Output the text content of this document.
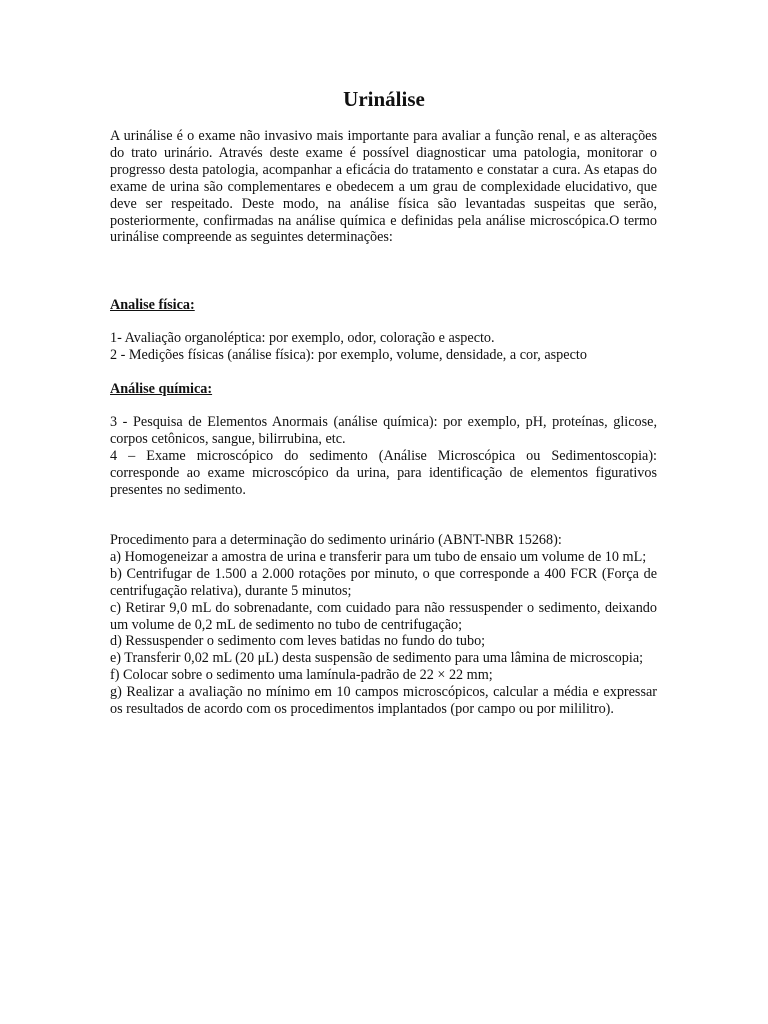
Urinálise

A urinálise é o exame não invasivo mais importante para avaliar a função renal, e as alterações do trato urinário. Através deste exame é possível diagnosticar uma patologia, monitorar o progresso desta patologia, acompanhar a eficácia do tratamento e constatar a cura. As etapas do exame de urina são complementares e obedecem a um grau de complexidade elucidativo, que deve ser respeitado. Deste modo, na análise física são levantadas suspeitas que serão, posteriormente, confirmadas na análise química e definidas pela análise microscópica.O termo urinálise compreende as seguintes determinações:

Analise física:

1- Avaliação organoléptica: por exemplo, odor, coloração e aspecto.

2 - Medições físicas (análise física): por exemplo, volume, densidade, a cor, aspecto

Análise química:

3 - Pesquisa de Elementos Anormais (análise química): por exemplo, pH, proteínas, glicose, corpos cetônicos, sangue, bilirrubina, etc.

4 – Exame microscópico do sedimento (Análise Microscópica ou Sedimentoscopia): corresponde ao exame microscópico da urina, para identificação de elementos figurativos presentes no sedimento.

Procedimento para a determinação do sedimento urinário (ABNT-NBR 15268):

a) Homogeneizar a amostra de urina e transferir para um tubo de ensaio um volume de 10 mL;

b) Centrifugar de 1.500 a 2.000 rotações por minuto, o que corresponde a 400 FCR (Força de centrifugação relativa), durante 5 minutos;

c) Retirar 9,0 mL do sobrenadante, com cuidado para não ressuspender o sedimento, deixando um volume de 0,2 mL de sedimento no tubo de centrifugação;

d) Ressuspender o sedimento com leves batidas no fundo do tubo;

e) Transferir 0,02 mL (20 μL) desta suspensão de sedimento para uma lâmina de microscopia;

f) Colocar sobre o sedimento uma lamínula-padrão de 22 × 22 mm;

g) Realizar a avaliação no mínimo em 10 campos microscópicos, calcular a média e expressar os resultados de acordo com os procedimentos implantados (por campo ou por mililitro).
